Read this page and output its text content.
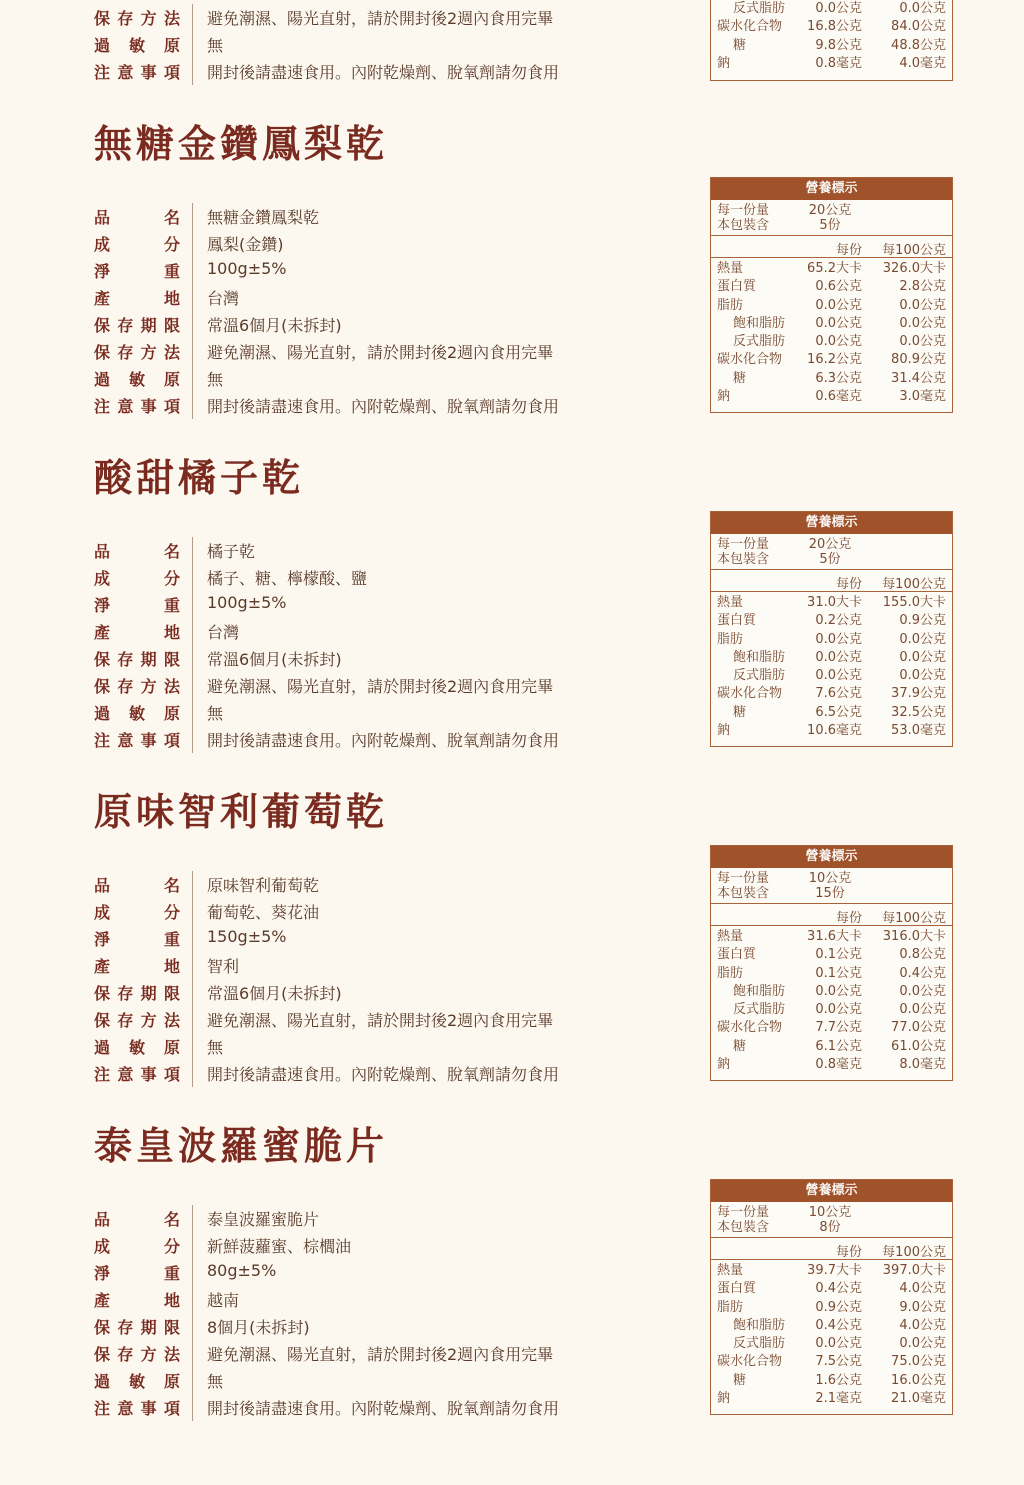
保 存 方 法 避免潮濕、陽光直射，請於開封後2週內食用完畢
過 敏 原 無
注 意 事 項 開封後請盡速食用。內附乾燥劑、脫氧劑請勿食用
反式脂肪 0.0公克	0.0公克
碳水化合物 16.8公克 84.0公克
糖	9.8公克 48.8公克
鈉	0.8毫克	4.0毫克
無糖金鑽鳳梨乾
品	名 無糖金鑽鳳梨乾
成	分 鳳梨(金鑽)
淨	重 100g±5%
產	地 台灣
保 存 期 限 常溫6個月(未拆封)
保 存 方 法 避免潮濕、陽光直射，請於開封後2週內食用完畢
過 敏 原 無
注 意 事 項 開封後請盡速食用。內附乾燥劑、脫氧劑請勿食用
營養標示
每一份量	20公克
本包裝含	5份
每份 每100公克
熱量	65.2大卡 326.0大卡
蛋白質	0.6公克	2.8公克
脂肪	0.0公克	0.0公克
飽和脂肪 0.0公克	0.0公克
反式脂肪 0.0公克	0.0公克
碳水化合物 16.2公克 80.9公克
糖	6.3公克 31.4公克
鈉	0.6毫克	3.0毫克
酸甜橘子乾
品	名 橘子乾
成	分 橘子、糖、檸檬酸、鹽
淨	重 100g±5%
產	地 台灣
保 存 期 限 常溫6個月(未拆封)
保 存 方 法 避免潮濕、陽光直射，請於開封後2週內食用完畢
過 敏 原 無
注 意 事 項 開封後請盡速食用。內附乾燥劑、脫氧劑請勿食用
營養標示
每一份量	20公克
本包裝含	5份
每份 每100公克
熱量	31.0大卡 155.0大卡
蛋白質	0.2公克	0.9公克
脂肪	0.0公克	0.0公克
飽和脂肪 0.0公克	0.0公克
反式脂肪 0.0公克	0.0公克
碳水化合物	7.6公克 37.9公克
糖	6.5公克 32.5公克
鈉	10.6毫克 53.0毫克
原味智利葡萄乾
品	名 原味智利葡萄乾
成	分 葡萄乾、葵花油
淨	重 150g±5%
產	地 智利
保 存 期 限 常溫6個月(未拆封)
保 存 方 法 避免潮濕、陽光直射，請於開封後2週內食用完畢
過 敏 原 無
注 意 事 項 開封後請盡速食用。內附乾燥劑、脫氧劑請勿食用
營養標示
每一份量	10公克
本包裝含	15份
每份 每100公克
熱量	31.6大卡 316.0大卡
蛋白質	0.1公克	0.8公克
脂肪	0.1公克	0.4公克
飽和脂肪 0.0公克	0.0公克
反式脂肪 0.0公克	0.0公克
碳水化合物	7.7公克 77.0公克
糖	6.1公克 61.0公克
鈉	0.8毫克	8.0毫克
泰皇波羅蜜脆片
品	名 泰皇波羅蜜脆片
成	分 新鮮菠蘿蜜、棕櫚油
淨	重 80g±5%
產	地 越南
保 存 期 限 8個月(未拆封)
保 存 方 法 避免潮濕、陽光直射，請於開封後2週內食用完畢
過 敏 原 無
注 意 事 項 開封後請盡速食用。內附乾燥劑、脫氧劑請勿食用
營養標示
每一份量	10公克
本包裝含	8份
每份 每100公克
熱量	39.7大卡 397.0大卡
蛋白質	0.4公克	4.0公克
脂肪	0.9公克	9.0公克
飽和脂肪 0.4公克	4.0公克
反式脂肪 0.0公克	0.0公克
碳水化合物	7.5公克 75.0公克
糖	1.6公克 16.0公克
鈉	2.1毫克 21.0毫克
